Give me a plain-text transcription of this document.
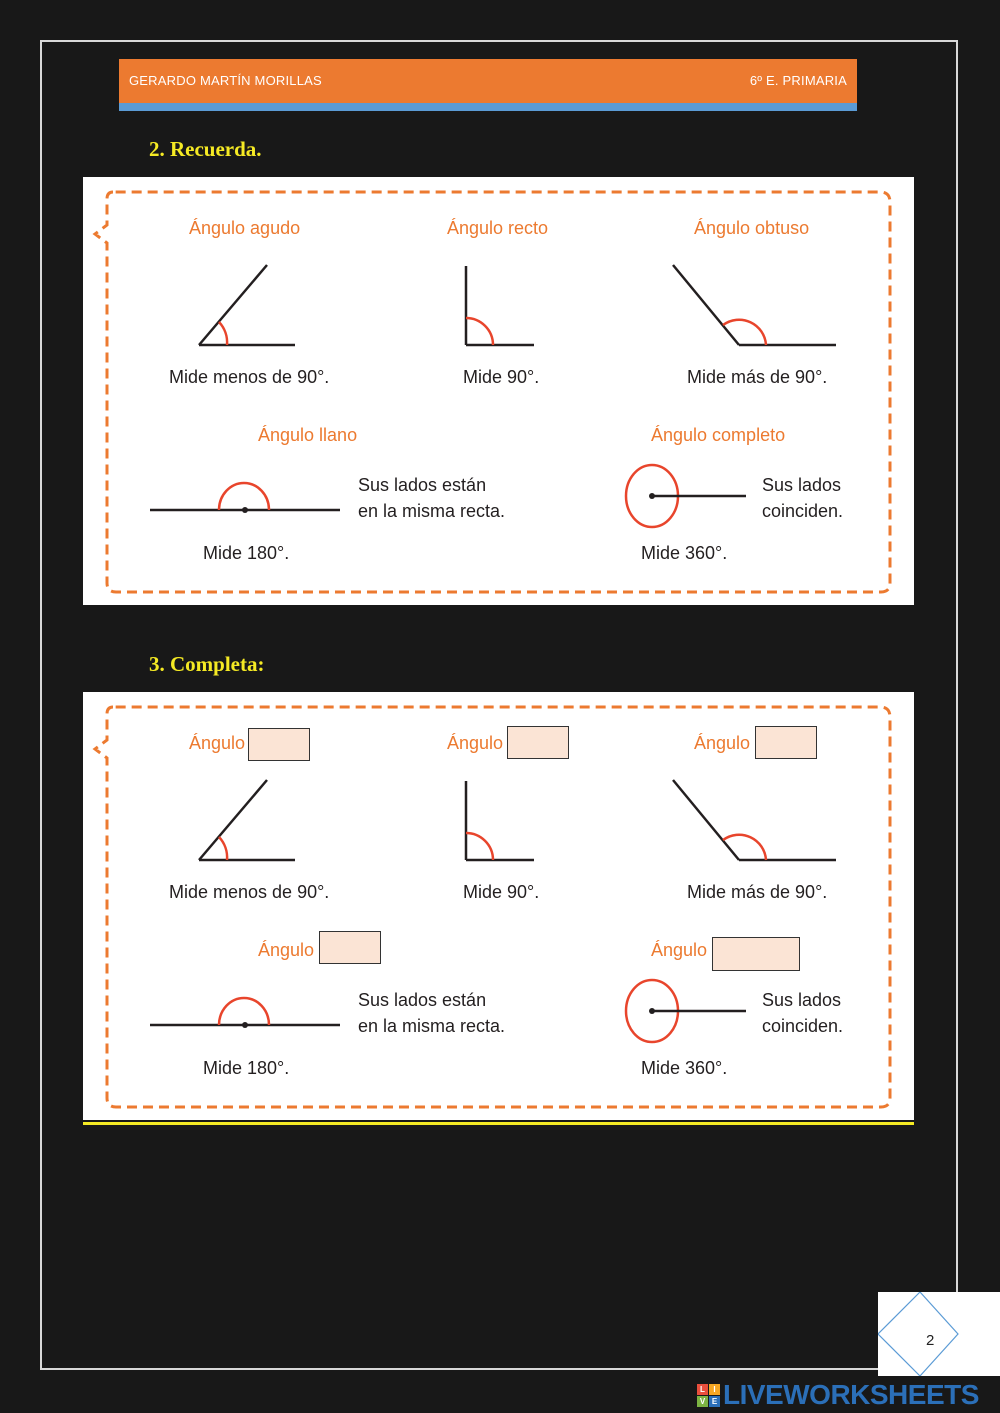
GERARDO MARTÍN MORILLAS	6º E. PRIMARIA
2. Recuerda.
Ángulo agudo	Ángulo recto	Ángulo obtuso
Mide menos de 90°.	Mide 90°.	Mide más de 90°.
Ángulo llano	Ángulo completo
Sus lados están
en la misma recta.
Sus lados
coinciden.
Mide 180°.	Mide 360°.
3. Completa:
Ángulo	Ángulo	Ángulo
Mide menos de 90°.	Mide 90°.	Mide más de 90°.
Ángulo	Ángulo
Sus lados están
en la misma recta.
Sus lados
coinciden.
Mide 180°.	Mide 360°.
2
L	I
V E LIVEWORKSHEETS
